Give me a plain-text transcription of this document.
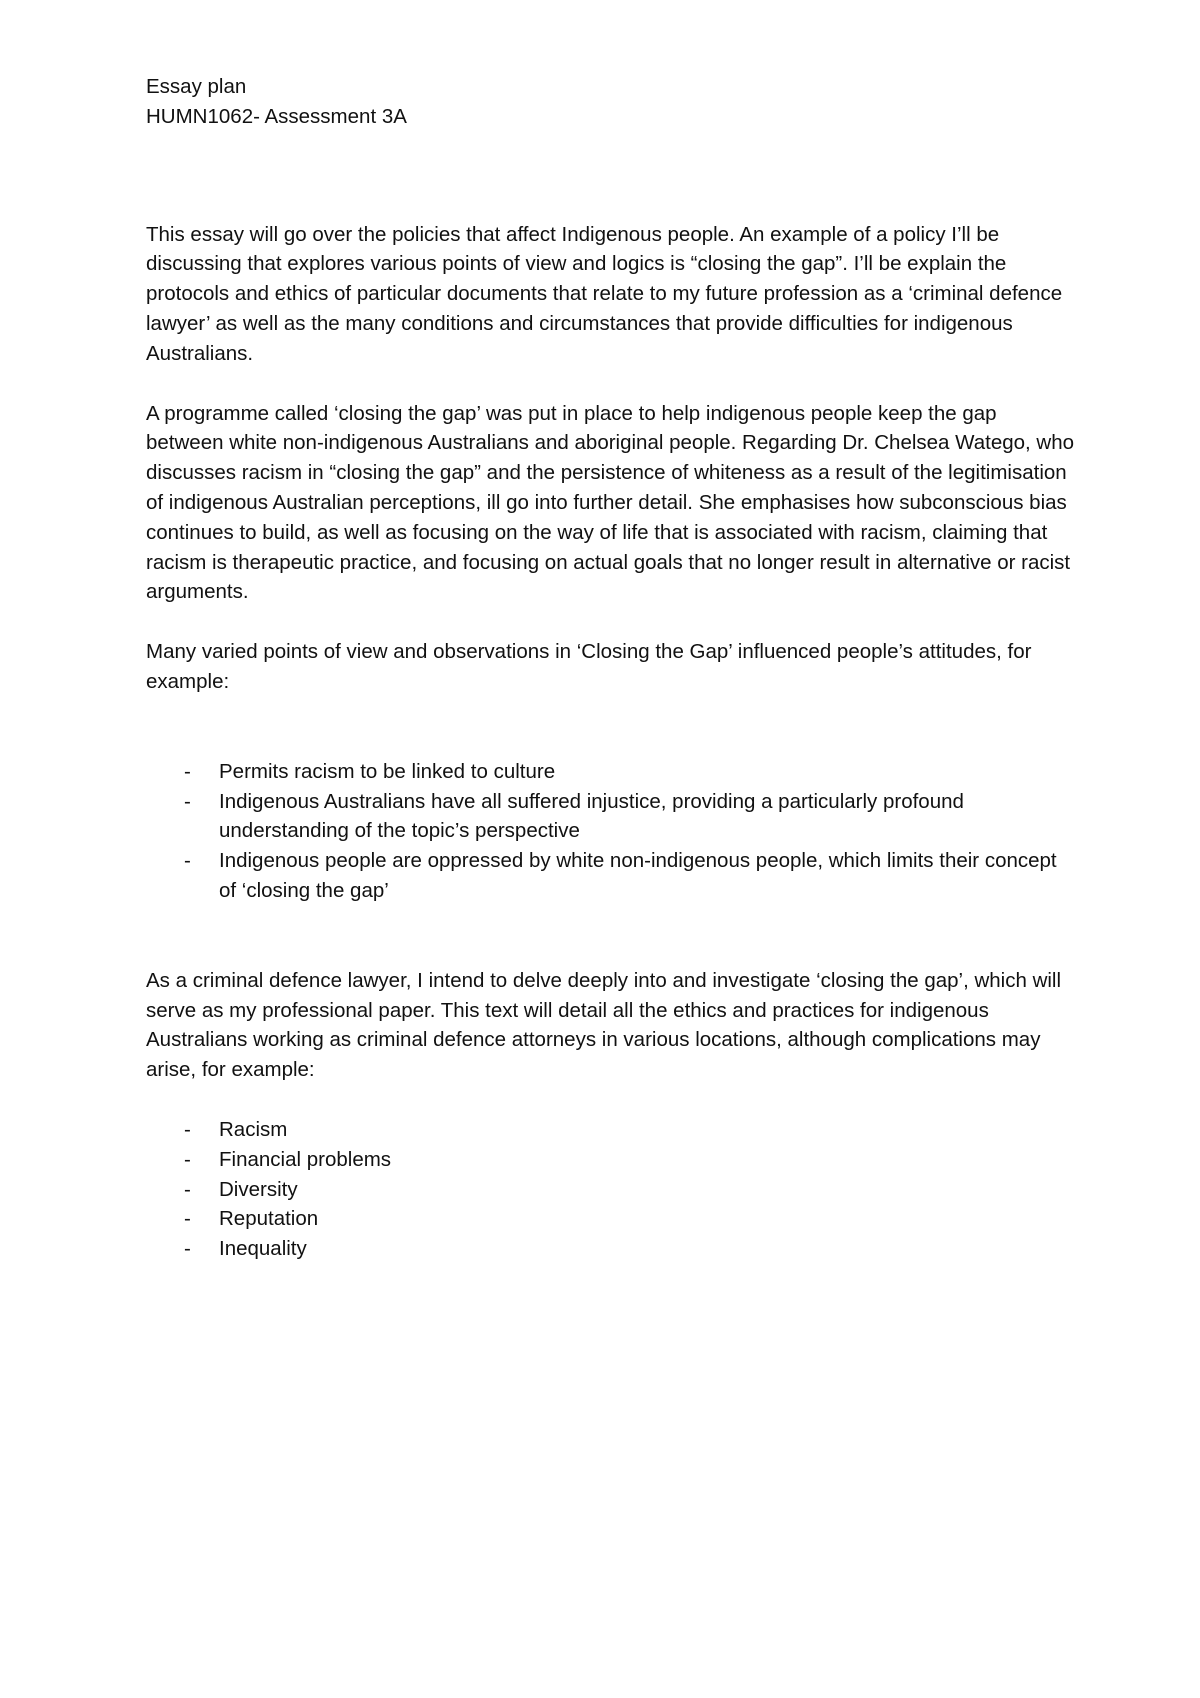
Essay plan

HUMN1062- Assessment 3A

This essay will go over the policies that affect Indigenous people. An example of a policy I’ll be discussing that explores various points of view and logics is “closing the gap”. I’ll be explain the protocols and ethics of particular documents that relate to my future profession as a ‘criminal defence lawyer’ as well as the many conditions and circumstances that provide difficulties for indigenous Australians.

A programme called ‘closing the gap’ was put in place to help indigenous people keep the gap between white non-indigenous Australians and aboriginal people. Regarding Dr. Chelsea Watego, who discusses racism in “closing the gap” and the persistence of whiteness as a result of the legitimisation of indigenous Australian perceptions, ill go into further detail. She emphasises how subconscious bias continues to build, as well as focusing on the way of life that is associated with racism, claiming that racism is therapeutic practice, and focusing on actual goals that no longer result in alternative or racist arguments.

Many varied points of view and observations in ‘Closing the Gap’ influenced people’s attitudes, for example:

- Permits racism to be linked to culture
- Indigenous Australians have all suffered injustice, providing a particularly profound understanding of the topic’s perspective
- Indigenous people are oppressed by white non-indigenous people, which limits their concept of ‘closing the gap’

As a criminal defence lawyer, I intend to delve deeply into and investigate ‘closing the gap’, which will serve as my professional paper. This text will detail all the ethics and practices for indigenous Australians working as criminal defence attorneys in various locations, although complications may arise, for example:

- Racism
- Financial problems
- Diversity
- Reputation
- Inequality
